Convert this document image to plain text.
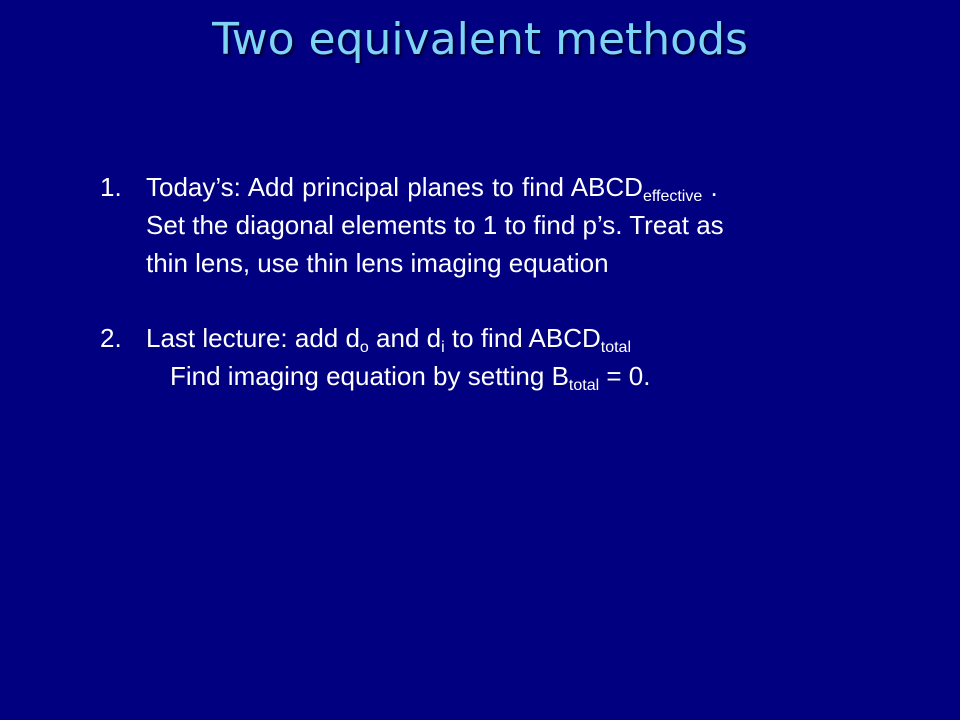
Two equivalent methods
1. Today’s: Add principal planes to find $ABCD_{effective}$ .
Set the diagonal elements to 1 to find p’s. Treat as
thin lens, use thin lens imaging equation
2. Last lecture: add $d_o$ and $d_i$ to find $ABCD_{total}$
Find imaging equation by setting $B_{total} = 0$.
